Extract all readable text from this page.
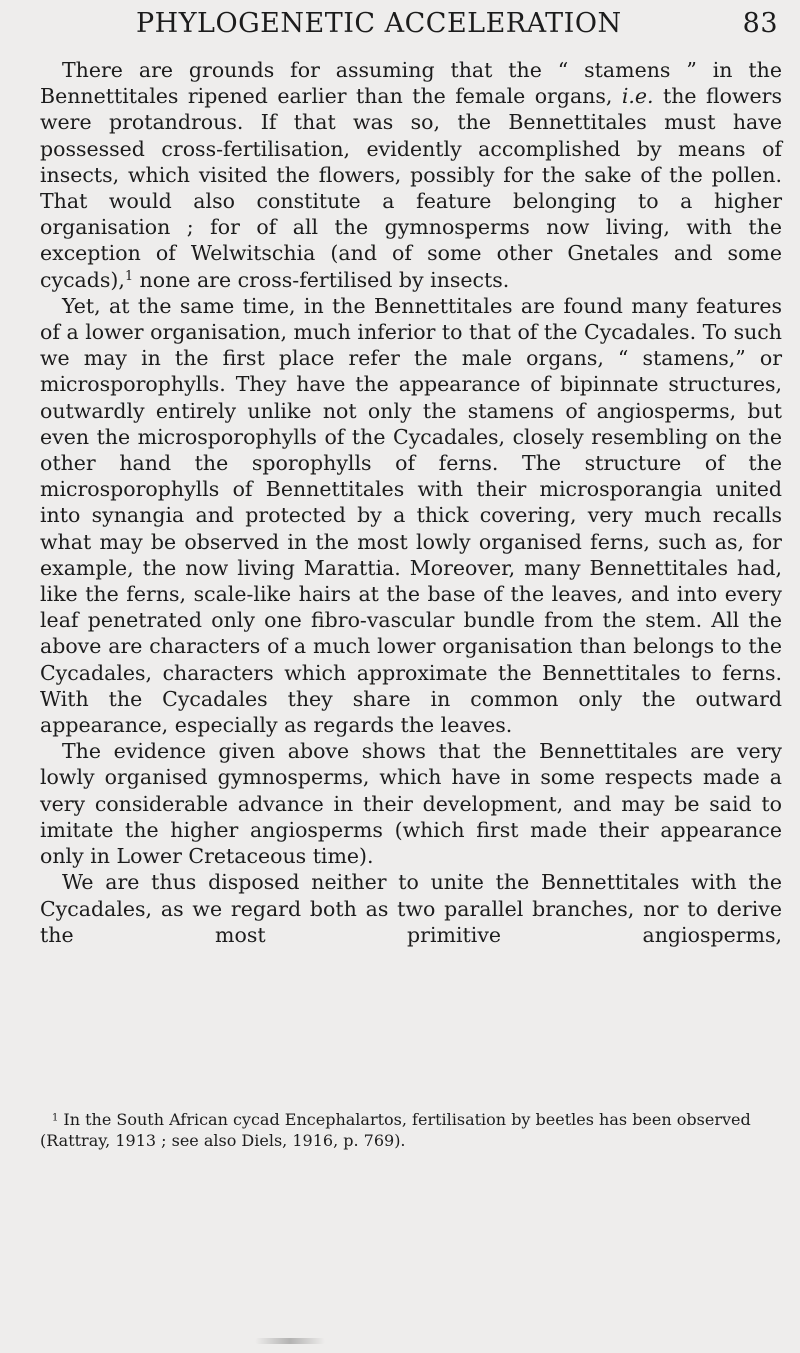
PHYLOGENETIC ACCELERATION	83

There are grounds for assuming that the “ stamens ” in the Bennettitales ripened earlier than the female organs, i.e. the flowers were protandrous. If that was so, the Bennettitales must have possessed cross-fertilisation, evidently accomplished by means of insects, which visited the flowers, possibly for the sake of the pollen. That would also constitute a feature belonging to a higher organisation ; for of all the gymnosperms now living, with the exception of Welwitschia (and of some other Gnetales and some cycads),$^1$ none are cross-fertilised by insects.

Yet, at the same time, in the Bennettitales are found many features of a lower organisation, much inferior to that of the Cycadales. To such we may in the first place refer the male organs, “ stamens,” or microsporophylls. They have the appearance of bipinnate structures, outwardly entirely unlike not only the stamens of angiosperms, but even the microsporophylls of the Cycadales, closely resembling on the other hand the sporophylls of ferns. The structure of the microsporophylls of Bennettitales with their microsporangia united into synangia and protected by a thick covering, very much recalls what may be observed in the most lowly organised ferns, such as, for example, the now living Marattia. Moreover, many Bennettitales had, like the ferns, scale-like hairs at the base of the leaves, and into every leaf penetrated only one fibro-vascular bundle from the stem. All the above are characters of a much lower organisation than belongs to the Cycadales, characters which approximate the Bennettitales to ferns. With the Cycadales they share in common only the outward appearance, especially as regards the leaves.

The evidence given above shows that the Bennettitales are very lowly organised gymnosperms, which have in some respects made a very considerable advance in their development, and may be said to imitate the higher angiosperms (which first made their appearance only in Lower Cretaceous time).

We are thus disposed neither to unite the Bennettitales with the Cycadales, as we regard both as two parallel branches, nor to derive the most primitive angiosperms,

$^1$ In the South African cycad Encephalartos, fertilisation by beetles has been observed (Rattray, 1913 ; see also Diels, 1916, p. 769).
